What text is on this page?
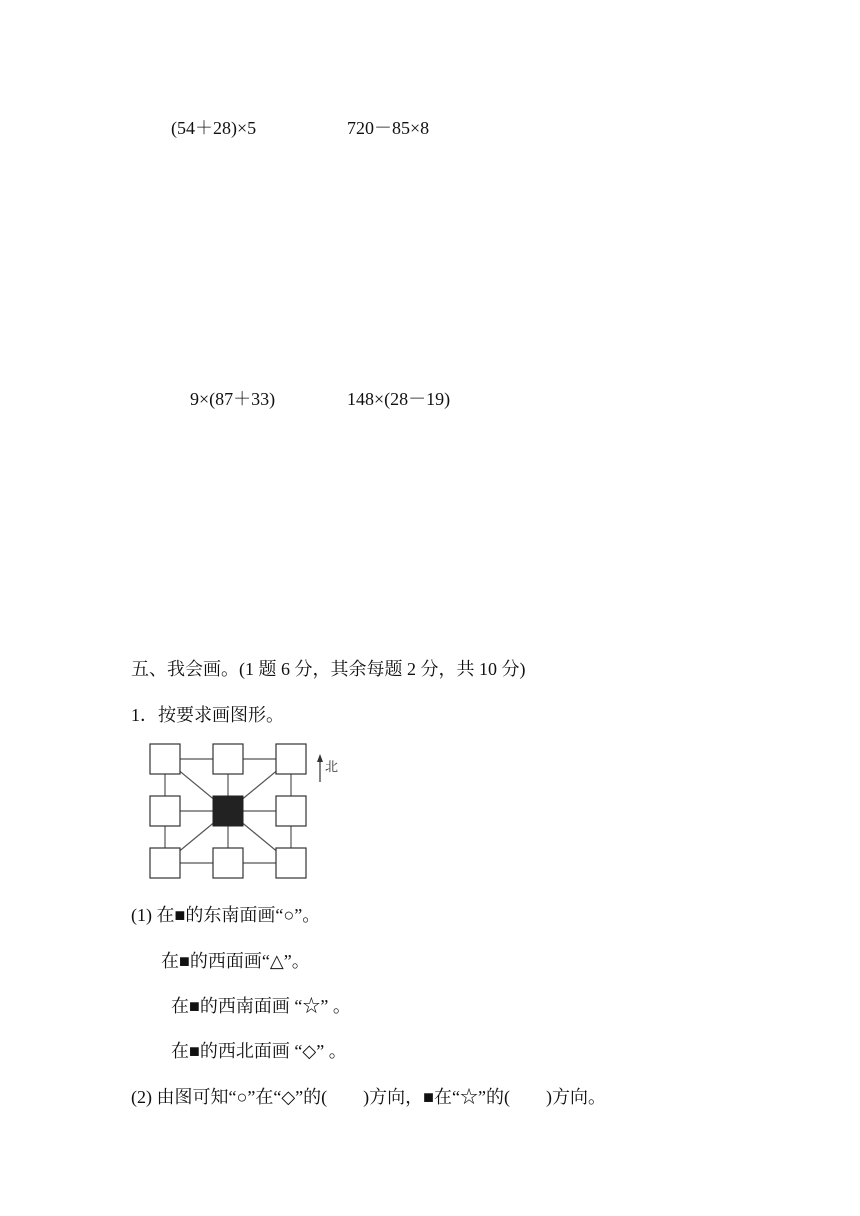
(54＋28)×5	720－85×8
9×(87＋33)	148×(28－19)
五、我会画。(1 题 6 分，其余每题 2 分，共 10 分)
1．按要求画图形。
北
(1) 在■的东南面画“○”。
在■的西面画“△”。
在■的西南面画 “☆” 。
在■的西北面画 “◇” 。
(2) 由图可知“○”在“◇”的(　　)方向，■在“☆”的(　　)方向。
